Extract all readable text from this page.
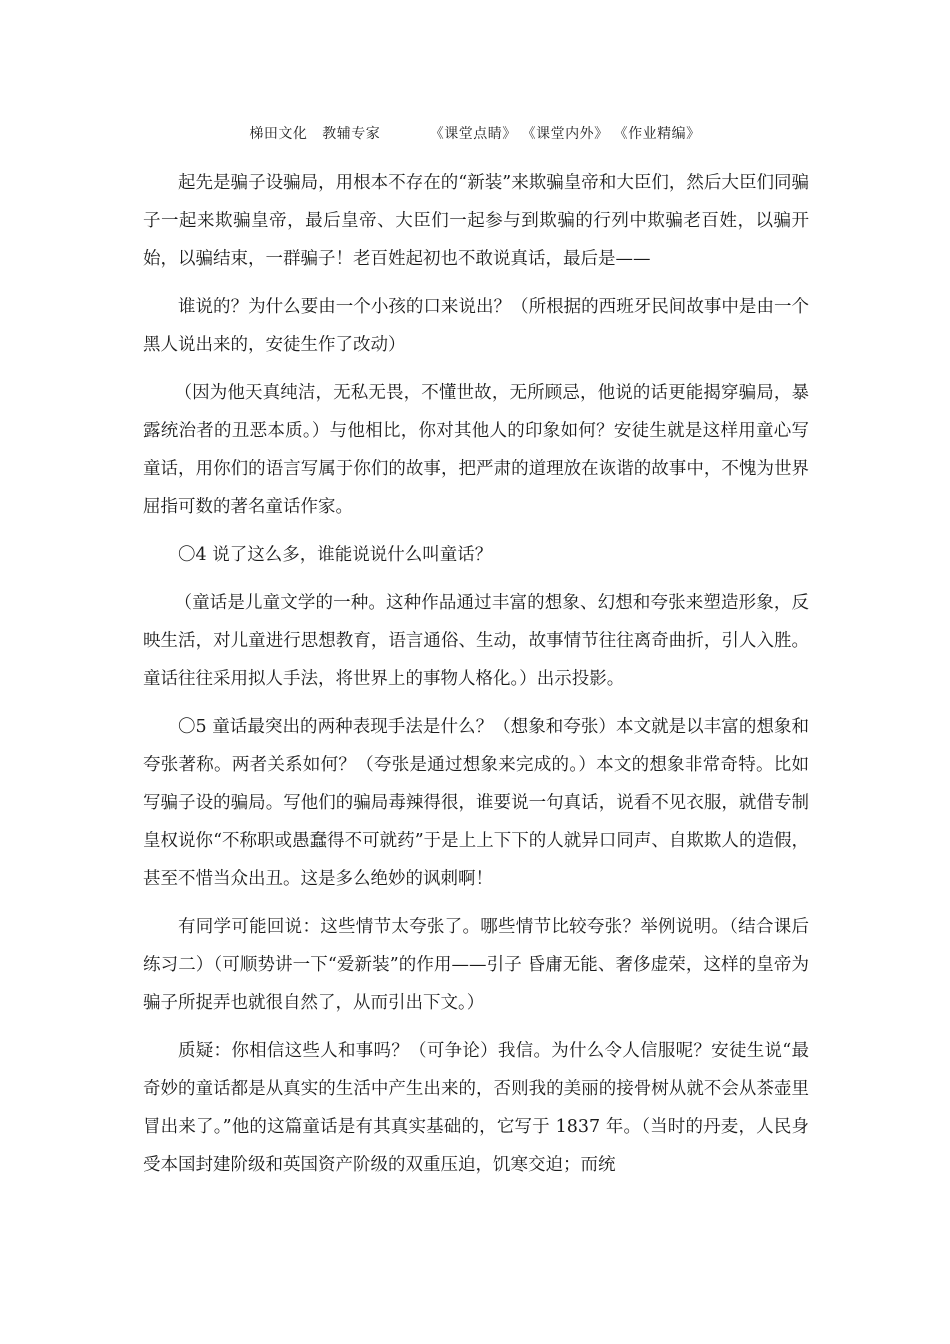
梯田文化 教辅专家	《课堂点睛》 《课堂内外》 《作业精编》

起先是骗子设骗局，用根本不存在的“新装”来欺骗皇帝和大臣们，然后大臣们同骗子一起来欺骗皇帝，最后皇帝、大臣们一起参与到欺骗的行列中欺骗老百姓，以骗开始，以骗结束，一群骗子！老百姓起初也不敢说真话，最后是——

谁说的？为什么要由一个小孩的口来说出？（所根据的西班牙民间故事中是由一个黑人说出来的，安徒生作了改动）

（因为他天真纯洁，无私无畏，不懂世故，无所顾忌，他说的话更能揭穿骗局，暴露统治者的丑恶本质。）与他相比，你对其他人的印象如何？安徒生就是这样用童心写童话，用你们的语言写属于你们的故事，把严肃的道理放在诙谐的故事中，不愧为世界屈指可数的著名童话作家。

〇4 说了这么多，谁能说说什么叫童话？

（童话是儿童文学的一种。这种作品通过丰富的想象、幻想和夸张来塑造形象，反映生活，对儿童进行思想教育，语言通俗、生动，故事情节往往离奇曲折，引人入胜。童话往往采用拟人手法，将世界上的事物人格化。）出示投影。

〇5 童话最突出的两种表现手法是什么？（想象和夸张）本文就是以丰富的想象和夸张著称。两者关系如何？（夸张是通过想象来完成的。）本文的想象非常奇特。比如写骗子设的骗局。写他们的骗局毒辣得很，谁要说一句真话，说看不见衣服，就借专制皇权说你“不称职或愚蠢得不可就药”于是上上下下的人就异口同声、自欺欺人的造假，甚至不惜当众出丑。这是多么绝妙的讽刺啊！

有同学可能回说：这些情节太夸张了。哪些情节比较夸张？举例说明。（结合课后练习二）（可顺势讲一下“爱新装”的作用——引子 昏庸无能、奢侈虚荣，这样的皇帝为骗子所捉弄也就很自然了，从而引出下文。）

质疑：你相信这些人和事吗？（可争论）我信。为什么令人信服呢？安徒生说“最奇妙的童话都是从真实的生活中产生出来的，否则我的美丽的接骨树从就不会从茶壶里冒出来了。”他的这篇童话是有其真实基础的，它写于 1837 年。（当时的丹麦，人民身受本国封建阶级和英国资产阶级的双重压迫，饥寒交迫；而统
